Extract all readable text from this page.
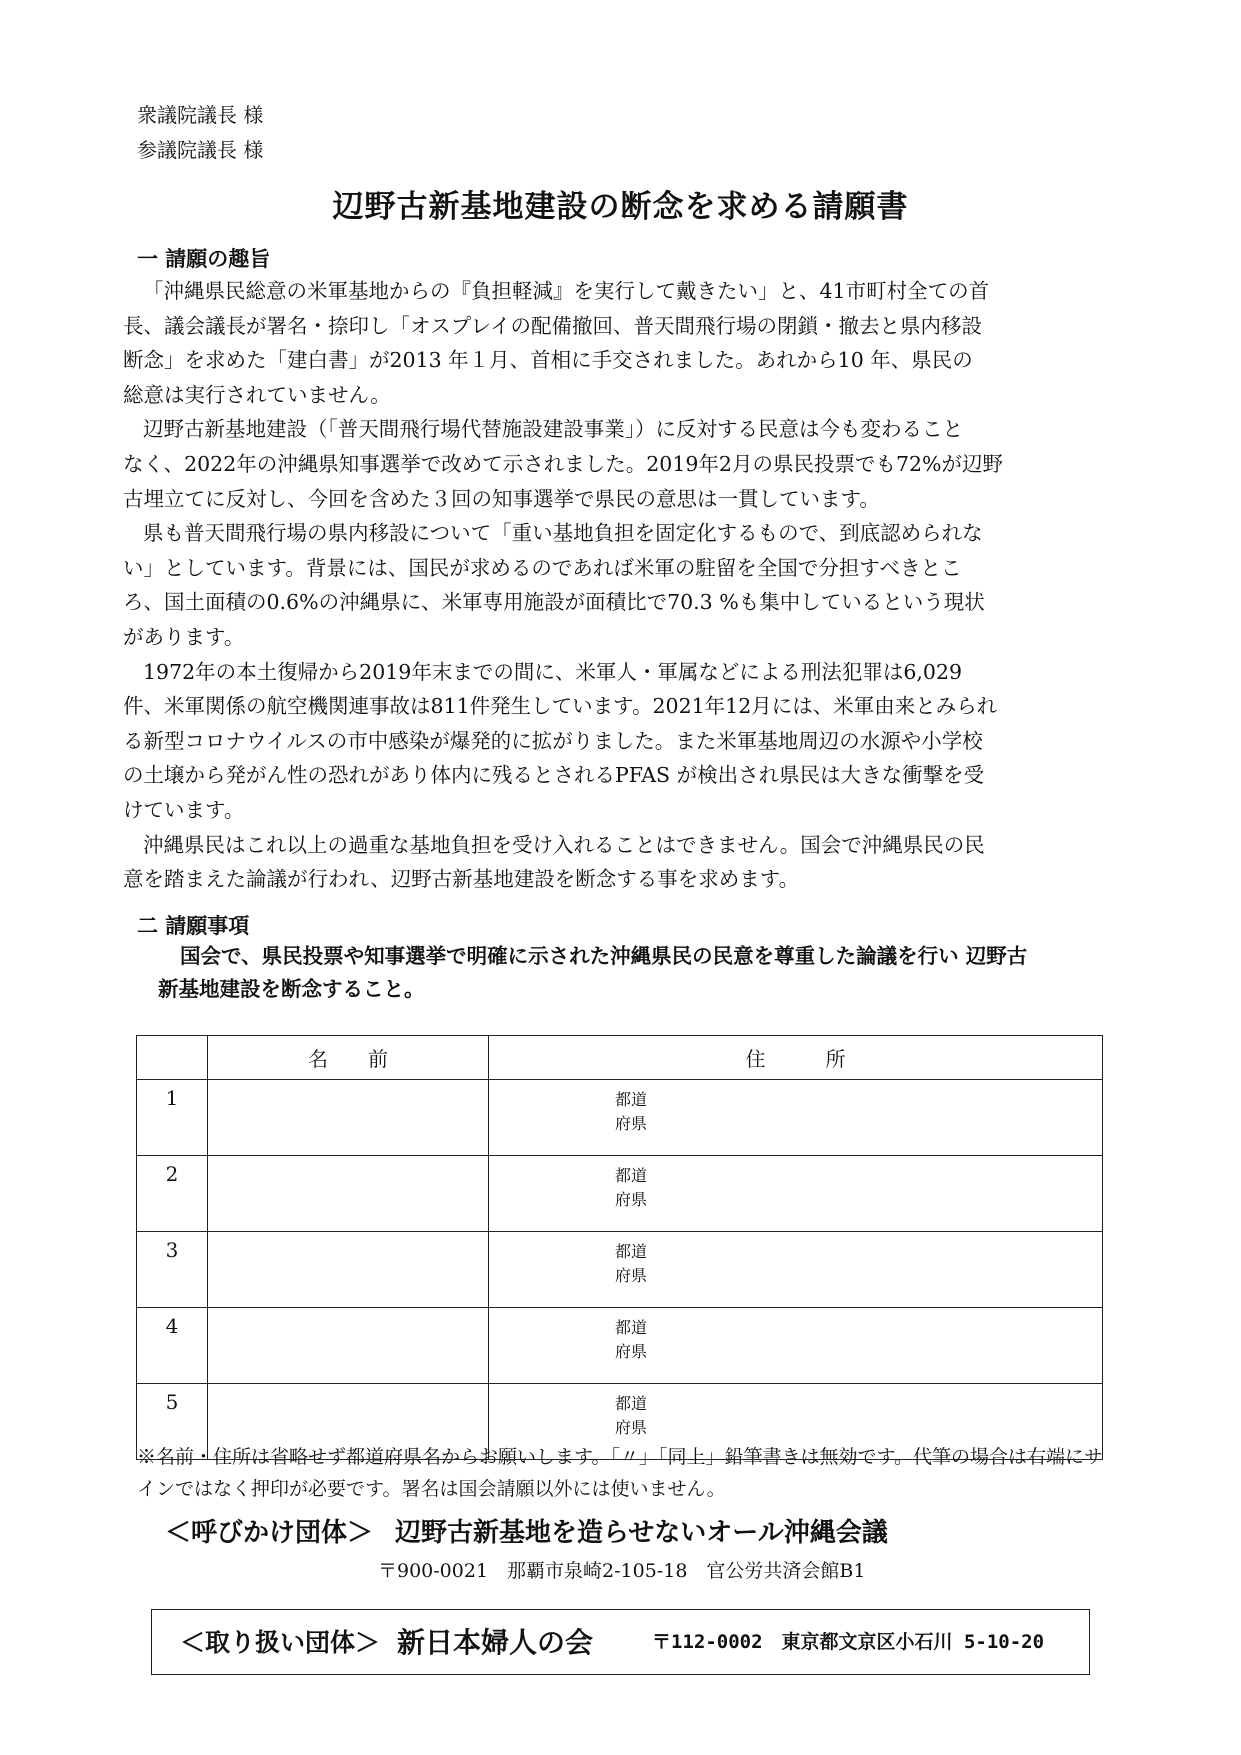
衆議院議長 様
参議院議長 様
辺野古新基地建設の断念を求める請願書
一 請願の趣旨
「沖縄県民総意の米軍基地からの『負担軽減』を実行して戴きたい」と、41市町村全ての首
長、議会議長が署名・捺印し「オスプレイの配備撤回、普天間飛行場の閉鎖・撤去と県内移設
断念」を求めた「建白書」が2013 年１月、首相に手交されました。あれから10 年、県民の
総意は実行されていません。
辺野古新基地建設（「普天間飛行場代替施設建設事業」）に反対する民意は今も変わること
なく、2022年の沖縄県知事選挙で改めて示されました。2019年2月の県民投票でも72%が辺野
古埋立てに反対し、今回を含めた３回の知事選挙で県民の意思は一貫しています。
県も普天間飛行場の県内移設について「重い基地負担を固定化するもので、到底認められな
い」としています。背景には、国民が求めるのであれば米軍の駐留を全国で分担すべきとこ
ろ、国土面積の0.6%の沖縄県に、米軍専用施設が面積比で70.3 %も集中しているという現状
があります。
1972年の本土復帰から2019年末までの間に、米軍人・軍属などによる刑法犯罪は6,029
件、米軍関係の航空機関連事故は811件発生しています。2021年12月には、米軍由来とみられ
る新型コロナウイルスの市中感染が爆発的に拡がりました。また米軍基地周辺の水源や小学校
の土壌から発がん性の恐れがあり体内に残るとされるPFAS が検出され県民は大きな衝撃を受
けています。
沖縄県民はこれ以上の過重な基地負担を受け入れることはできません。国会で沖縄県民の民
意を踏まえた論議が行われ、辺野古新基地建設を断念する事を求めます。
二 請願事項
国会で、県民投票や知事選挙で明確に示された沖縄県民の民意を尊重した論議を行い 辺野古
新基地建設を断念すること。
	名　　前	住　　　所
1		都道
府県

2		都道
府県

3		都道
府県

4		都道
府県

5		都道
府県
※名前・住所は省略せず都道府県名からお願いします。「〃」「同上」鉛筆書きは無効です。代筆の場合は右端にサインではなく押印が必要です。署名は国会請願以外には使いません。
＜呼びかけ団体＞ 辺野古新基地を造らせないオール沖縄会議
〒900-0021　那覇市泉崎2-105-18　官公労共済会館B1
＜取り扱い団体＞ 新日本婦人の会	〒112-0002　東京都文京区小石川 5-10-20
